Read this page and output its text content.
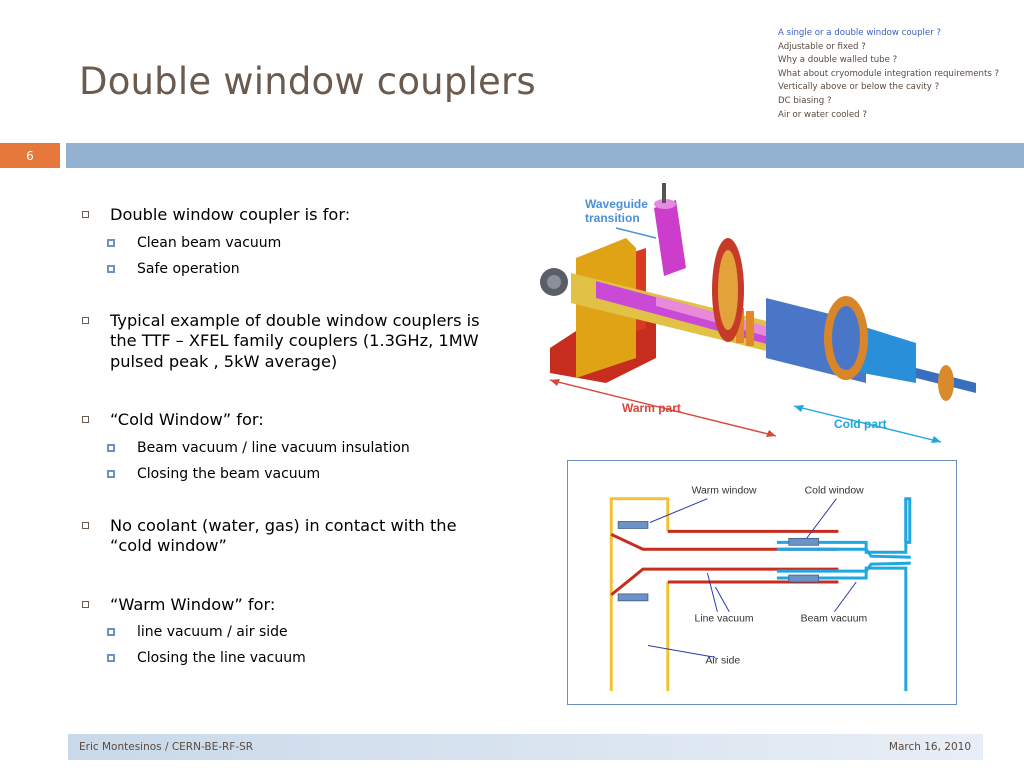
Double window couplers
A single or a double window coupler ?
Adjustable or fixed ?
Why a double walled tube ?
What about cryomodule integration requirements ?
Vertically above or below the cavity ?
DC biasing ?
Air or water cooled ?
6
Double window coupler is for:
Clean beam vacuum
Safe operation
Typical example of double window couplers is the TTF – XFEL family couplers (1.3GHz, 1MW pulsed peak , 5kW average)
“Cold Window” for:
Beam vacuum / line vacuum insulation
Closing the beam vacuum
No coolant (water, gas) in contact with the “cold window”
“Warm Window” for:
line vacuum / air side
Closing the line vacuum
Waveguide
transition
Warm part
Cold part
Warm window	Cold window
Line vacuum	Beam vacuum
Air side
Eric Montesinos / CERN-BE-RF-SR	March 16, 2010
